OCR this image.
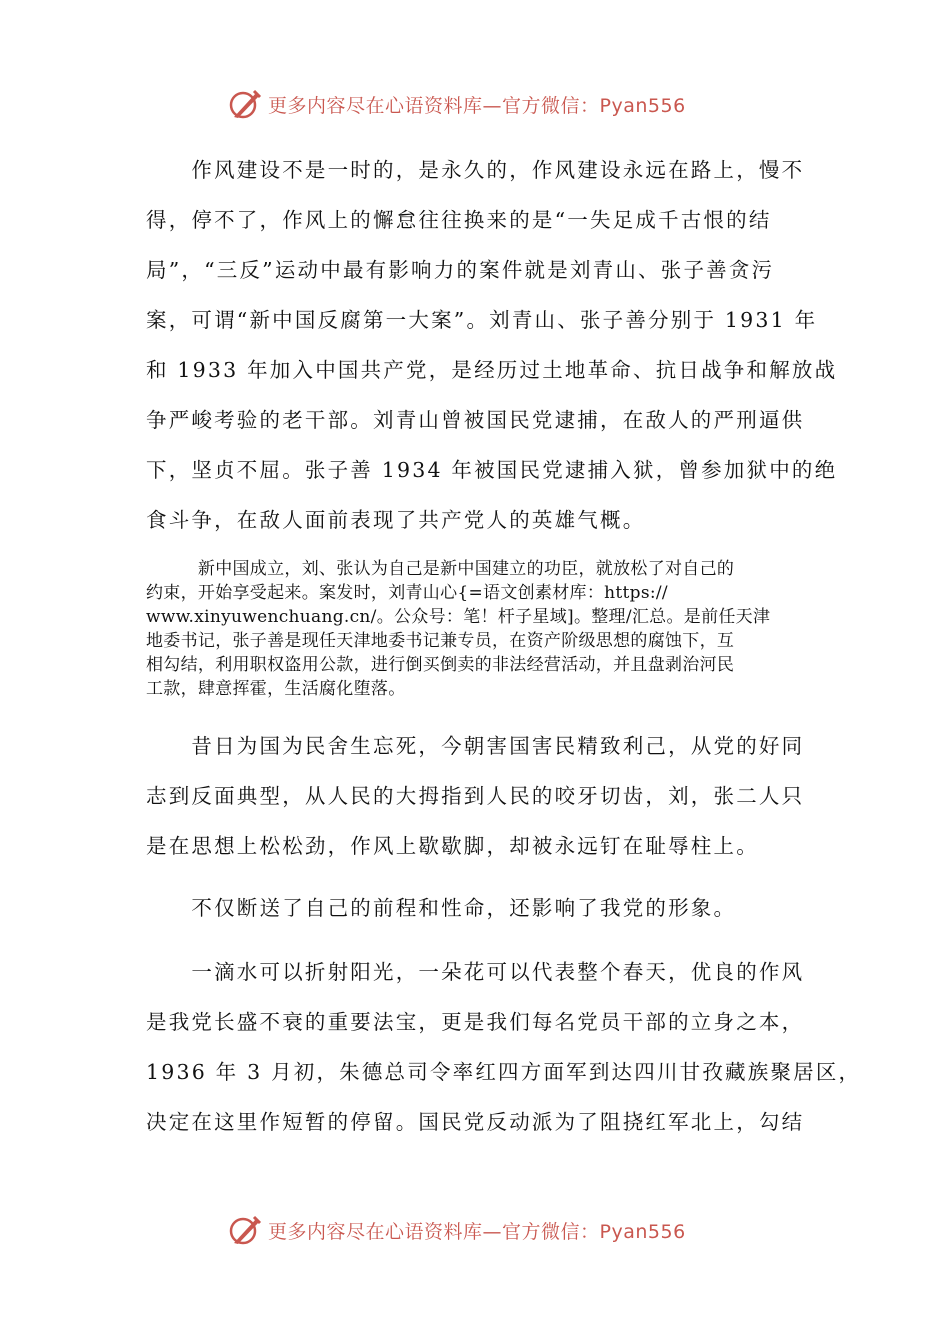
更多内容尽在心语资料库—官方微信：Pyan556
　　作风建设不是一时的，是永久的，作风建设永远在路上，慢不
得，停不了，作风上的懈怠往往换来的是“一失足成千古恨的结
局”，“三反”运动中最有影响力的案件就是刘青山、张子善贪污
案，可谓“新中国反腐第一大案”。刘青山、张子善分别于 1931 年
和 1933 年加入中国共产党，是经历过土地革命、抗日战争和解放战
争严峻考验的老干部。刘青山曾被国民党逮捕，在敌人的严刑逼供
下，坚贞不屈。张子善 1934 年被国民党逮捕入狱，曾参加狱中的绝
食斗争，在敌人面前表现了共产党人的英雄气概。
　　　新中国成立，刘、张认为自己是新中国建立的功臣，就放松了对自己的
约束，开始享受起来。案发时，刘青山心{=语文创素材库：https://
www.xinyuwenchuang.cn/。公众号：笔！杆子星域]。整理/汇总。是前任天津
地委书记，张子善是现任天津地委书记兼专员，在资产阶级思想的腐蚀下，互
相勾结，利用职权盗用公款，进行倒买倒卖的非法经营活动，并且盘剥治河民
工款，肆意挥霍，生活腐化堕落。
　　昔日为国为民舍生忘死，今朝害国害民精致利己，从党的好同
志到反面典型，从人民的大拇指到人民的咬牙切齿，刘，张二人只
是在思想上松松劲，作风上歇歇脚，却被永远钉在耻辱柱上。
　　不仅断送了自己的前程和性命，还影响了我党的形象。
　　一滴水可以折射阳光，一朵花可以代表整个春天，优良的作风
是我党长盛不衰的重要法宝，更是我们每名党员干部的立身之本，
1936 年 3 月初，朱德总司令率红四方面军到达四川甘孜藏族聚居区，
决定在这里作短暂的停留。国民党反动派为了阻挠红军北上，勾结
更多内容尽在心语资料库—官方微信：Pyan556
